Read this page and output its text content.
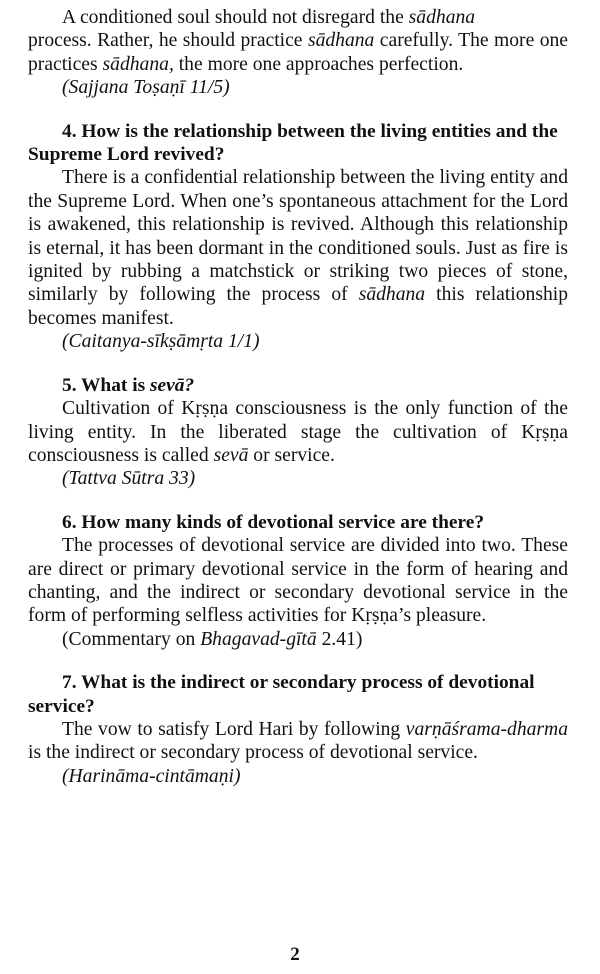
A conditioned soul should not disregard the sādhana
process. Rather, he should practice sādhana carefully. The more one practices sādhana, the more one approaches perfection.

(Sajjana Toṣaṇī 11/5)

4. How is the relationship between the living entities and the Supreme Lord revived?

There is a confidential relationship between the living entity and the Supreme Lord. When one’s spontaneous attachment for the Lord is awakened, this relationship is revived. Although this relationship is eternal, it has been dormant in the conditioned souls. Just as fire is ignited by rubbing a matchstick or striking two pieces of stone, similarly by following the process of sādhana this relationship becomes manifest.

(Caitanya-sīkṣāmṛta 1/1)

5. What is sevā?

Cultivation of Kṛṣṇa consciousness is the only function of the living entity. In the liberated stage the cultivation of Kṛṣṇa consciousness is called sevā or service.

(Tattva Sūtra 33)

6. How many kinds of devotional service are there?

The processes of devotional service are divided into two. These are direct or primary devotional service in the form of hearing and chanting, and the indirect or secondary devotional service in the form of performing selfless activities for Kṛṣṇa’s pleasure.

(Commentary on Bhagavad-gītā 2.41)

7. What is the indirect or secondary process of devotional service?

The vow to satisfy Lord Hari by following varṇāśrama-dharma is the indirect or secondary process of devotional service.

(Harināma-cintāmaṇi)

2
